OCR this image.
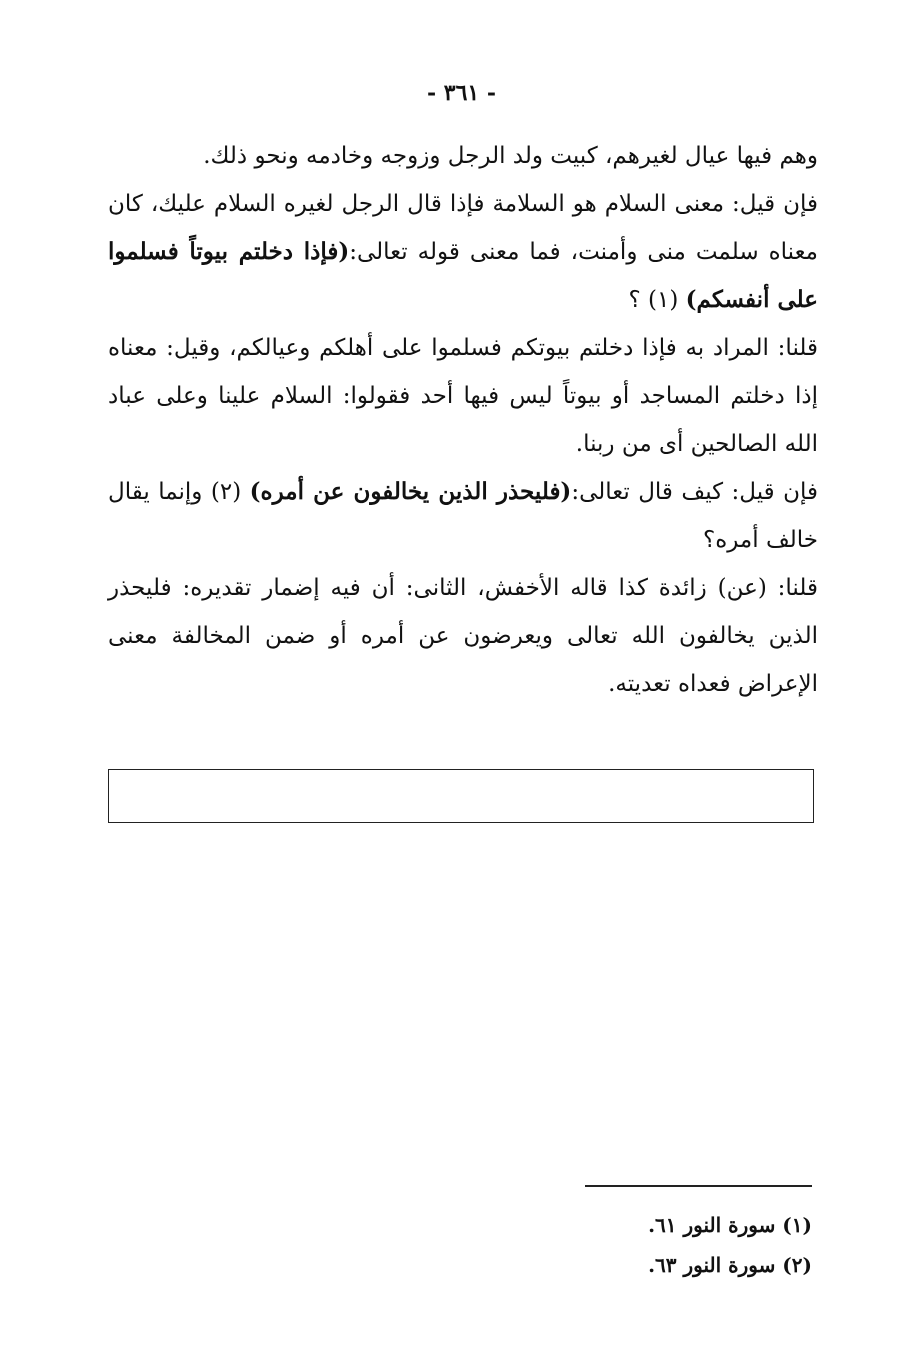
- ٣٦١ -

وهم فيها عيال لغيرهم، كبيت ولد الرجل وزوجه وخادمه ونحو ذلك.

فإن قيل: معنى السلام هو السلامة فإذا قال الرجل لغيره السلام عليك، كان معناه سلمت منى وأمنت، فما معنى قوله تعالى:(فإذا دخلتم بيوتاً فسلموا على أنفسكم) (١) ؟

قلنا: المراد به فإذا دخلتم بيوتكم فسلموا على أهلكم وعيالكم، وقيل: معناه إذا دخلتم المساجد أو بيوتاً ليس فيها أحد فقولوا: السلام علينا وعلى عباد الله الصالحين أى من ربنا.

فإن قيل: كيف قال تعالى:(فليحذر الذين يخالفون عن أمره) (٢) وإنما يقال خالف أمره؟

قلنا: (عن) زائدة كذا قاله الأخفش، الثانى: أن فيه إضمار تقديره: فليحذر الذين يخالفون الله تعالى ويعرضون عن أمره أو ضمن المخالفة معنى الإعراض فعداه تعديته.

(١) سورة النور ٦١.

(٢) سورة النور ٦٣.
